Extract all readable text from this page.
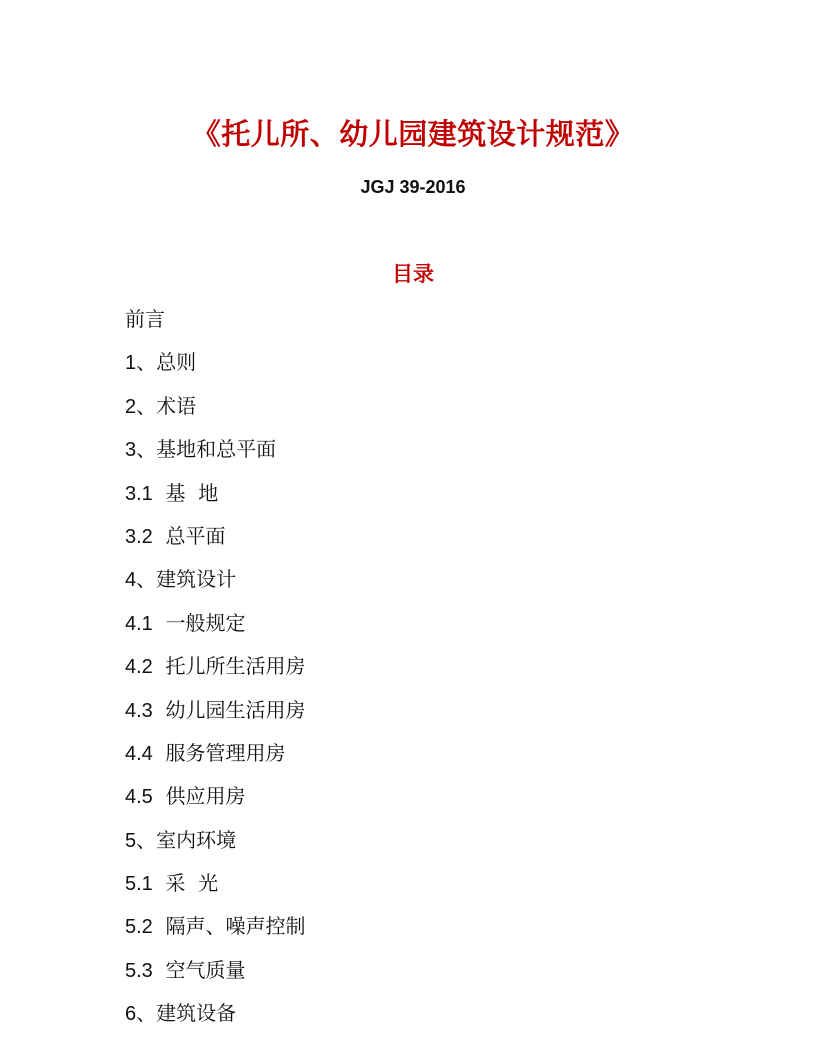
《托儿所、幼儿园建筑设计规范》
JGJ 39-2016
目录
前言
1、总则
2、术语
3、基地和总平面
3.1  基  地
3.2  总平面
4、建筑设计
4.1  一般规定
4.2  托儿所生活用房
4.3  幼儿园生活用房
4.4  服务管理用房
4.5  供应用房
5、室内环境
5.1  采  光
5.2  隔声、噪声控制
5.3  空气质量
6、建筑设备
